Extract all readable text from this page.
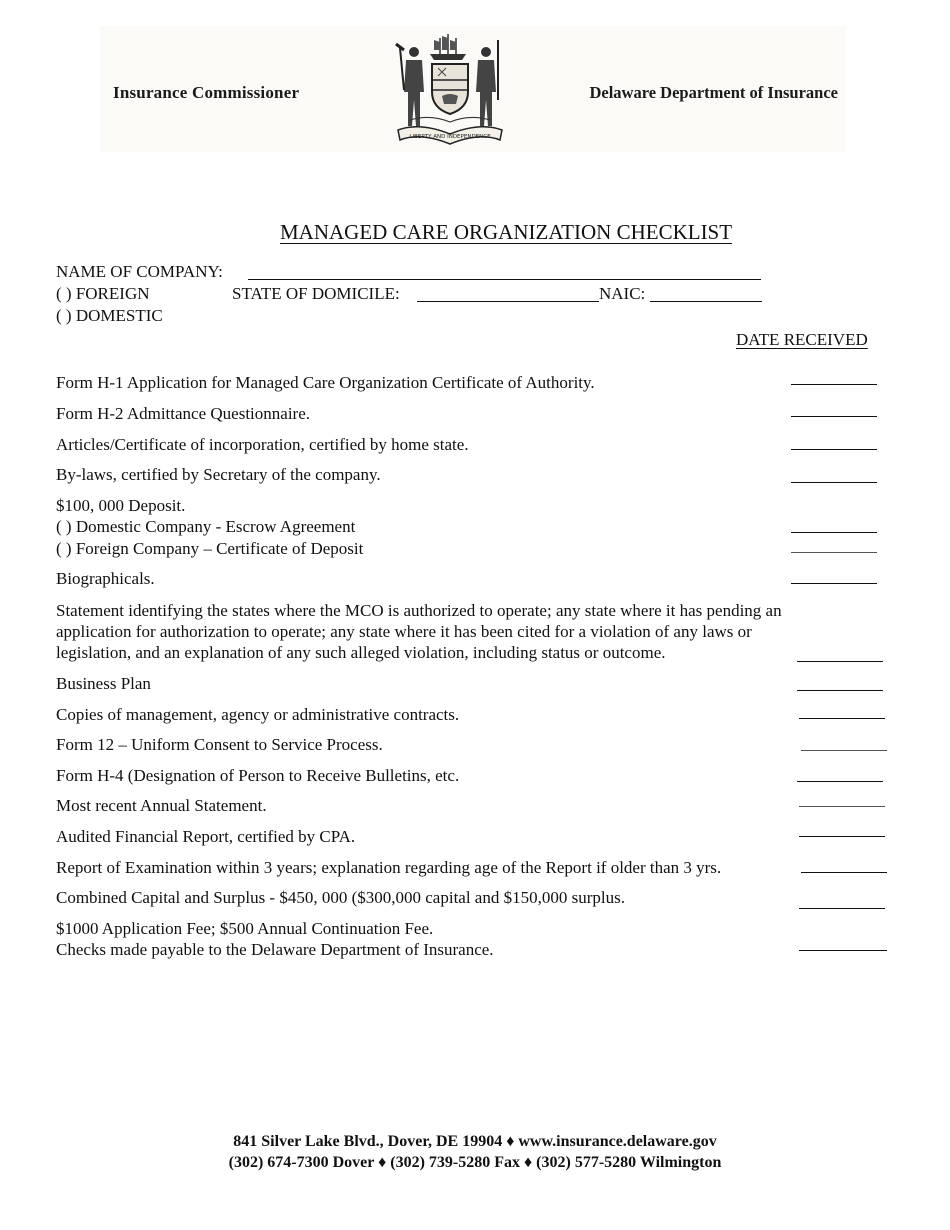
Insurance Commissioner
LIBERTY AND INDEPENDENCE
Delaware Department of Insurance
MANAGED CARE ORGANIZATION CHECKLIST
NAME OF COMPANY:
( ) FOREIGN	STATE OF DOMICILE:	NAIC:
( ) DOMESTIC
DATE RECEIVED
Form H-1 Application for Managed Care Organization Certificate of Authority.
Form H-2 Admittance Questionnaire.
Articles/Certificate of incorporation, certified by home state.
By-laws, certified by Secretary of the company.
$100, 000 Deposit.
( ) Domestic Company - Escrow Agreement
( ) Foreign Company – Certificate of Deposit
Biographicals.
Statement identifying the states where the MCO is authorized to operate; any state where it has pending an
application for authorization to operate; any state where it has been cited for a violation of any laws or
legislation, and an explanation of any such alleged violation, including status or outcome.
Business Plan
Copies of management, agency or administrative contracts.
Form 12 – Uniform Consent to Service Process.
Form H-4 (Designation of Person to Receive Bulletins, etc.
Most recent Annual Statement.
Audited Financial Report, certified by CPA.
Report of Examination within 3 years; explanation regarding age of the Report if older than 3 yrs.
Combined Capital and Surplus - $450, 000 ($300,000 capital and $150,000 surplus.
$1000 Application Fee; $500 Annual Continuation Fee.
Checks made payable to the Delaware Department of Insurance.
841 Silver Lake Blvd., Dover, DE 19904 ♦ www.insurance.delaware.gov
(302) 674-7300 Dover ♦ (302) 739-5280 Fax ♦ (302) 577-5280 Wilmington
